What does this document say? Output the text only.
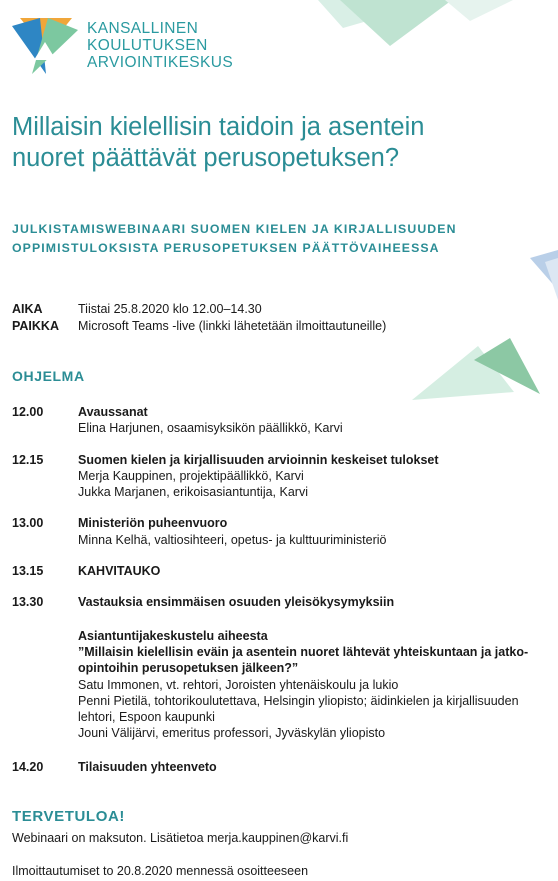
KANSALLINEN
KOULUTUKSEN
ARVIOINTIKESKUS
Millaisin kielellisin taidoin ja asentein
nuoret päättävät perusopetuksen?
JULKISTAMISWEBINAARI SUOMEN KIELEN JA KIRJALLISUUDEN
OPPIMISTULOKSISTA PERUSOPETUKSEN PÄÄTTÖVAIHEESSA
AIKA	Tiistai 25.8.2020 klo 12.00–14.30
PAIKKA	Microsoft Teams -live (linkki lähetetään ilmoittautuneille)
OHJELMA
12.00	Avaussanat
Elina Harjunen, osaamisyksikön päällikkö, Karvi
12.15	Suomen kielen ja kirjallisuuden arvioinnin keskeiset tulokset
Merja Kauppinen, projektipäällikkö, Karvi
Jukka Marjanen, erikoisasiantuntija, Karvi
13.00	Ministeriön puheenvuoro
Minna Kelhä, valtiosihteeri, opetus- ja kulttuuriministeriö
13.15	KAHVITAUKO
13.30	Vastauksia ensimmäisen osuuden yleisökysymyksiin
Asiantuntijakeskustelu aiheesta
”Millaisin kielellisin eväin ja asentein nuoret lähtevät yhteiskuntaan ja jatko-
opintoihin perusopetuksen jälkeen?”
Satu Immonen, vt. rehtori, Joroisten yhtenäiskoulu ja lukio
Penni Pietilä, tohtorikoulutettava, Helsingin yliopisto; äidinkielen ja kirjallisuuden
lehtori, Espoon kaupunki
Jouni Välijärvi, emeritus professori, Jyväskylän yliopisto
14.20	Tilaisuuden yhteenveto
TERVETULOA!
Webinaari on maksuton. Lisätietoa merja.kauppinen@karvi.fi
Ilmoittautumiset to 20.8.2020 mennessä osoitteeseen
